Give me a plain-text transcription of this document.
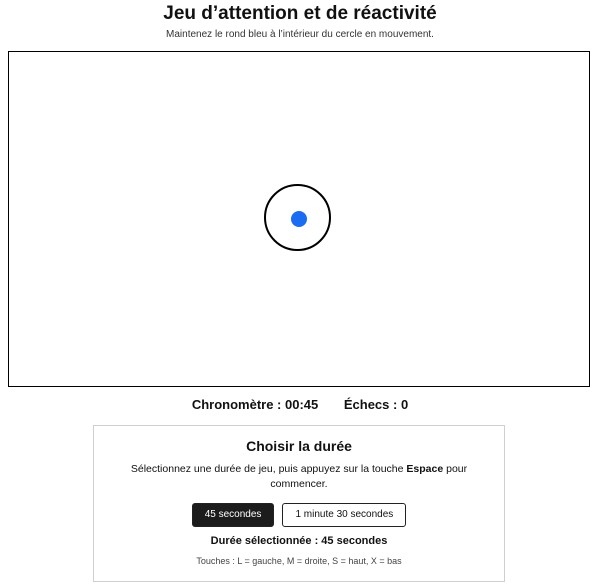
Jeu d’attention et de réactivité
Maintenez le rond bleu à l’intérieur du cercle en mouvement.
Chronomètre : 00:45 Échecs : 0
Choisir la durée
Sélectionnez une durée de jeu, puis appuyez sur la touche Espace pour commencer.
45 secondes	1 minute 30 secondes
Durée sélectionnée : 45 secondes
Touches : L = gauche, M = droite, S = haut, X = bas
